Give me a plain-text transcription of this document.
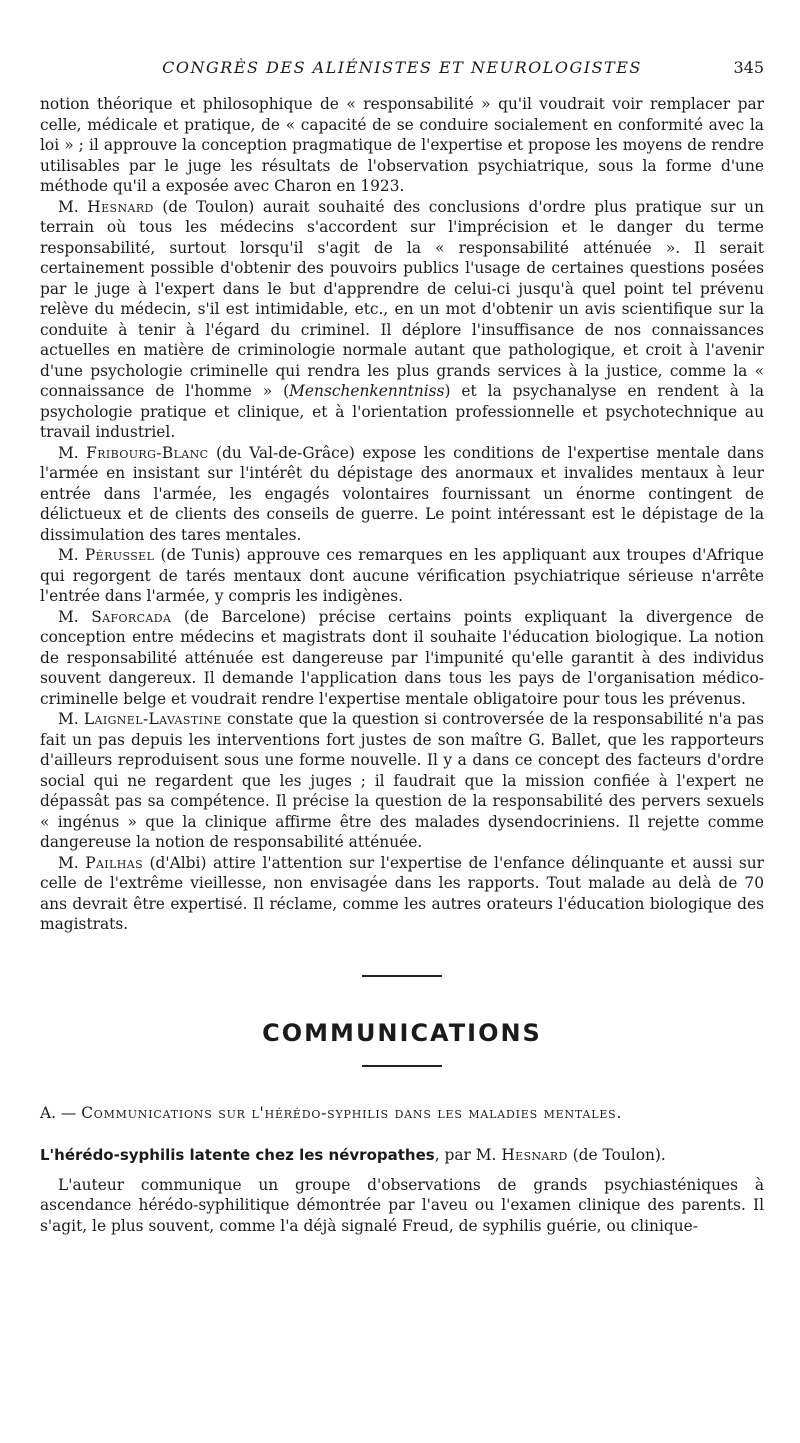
CONGRÈS DES ALIÉNISTES ET NEUROLOGISTES	345

notion théorique et philosophique de « responsabilité » qu'il voudrait voir remplacer par celle, médicale et pratique, de « capacité de se conduire socialement en conformité avec la loi » ; il approuve la conception pragmatique de l'expertise et propose les moyens de rendre utilisables par le juge les résultats de l'observation psychiatrique, sous la forme d'une méthode qu'il a exposée avec Charon en 1923.

M. Hesnard (de Toulon) aurait souhaité des conclusions d'ordre plus pratique sur un terrain où tous les médecins s'accordent sur l'imprécision et le danger du terme responsabilité, surtout lorsqu'il s'agit de la « responsabilité atténuée ». Il serait certainement possible d'obtenir des pouvoirs publics l'usage de certaines questions posées par le juge à l'expert dans le but d'apprendre de celui-ci jusqu'à quel point tel prévenu relève du médecin, s'il est intimidable, etc., en un mot d'obtenir un avis scientifique sur la conduite à tenir à l'égard du criminel. Il déplore l'insuffisance de nos connaissances actuelles en matière de criminologie normale autant que pathologique, et croit à l'avenir d'une psychologie criminelle qui rendra les plus grands services à la justice, comme la « connaissance de l'homme » (Menschenkenntniss) et la psychanalyse en rendent à la psychologie pratique et clinique, et à l'orientation professionnelle et psychotechnique au travail industriel.

M. Fribourg-Blanc (du Val-de-Grâce) expose les conditions de l'expertise mentale dans l'armée en insistant sur l'intérêt du dépistage des anormaux et invalides mentaux à leur entrée dans l'armée, les engagés volontaires fournissant un énorme contingent de délictueux et de clients des conseils de guerre. Le point intéressant est le dépistage de la dissimulation des tares mentales.

M. Pérussel (de Tunis) approuve ces remarques en les appliquant aux troupes d'Afrique qui regorgent de tarés mentaux dont aucune vérification psychiatrique sérieuse n'arrête l'entrée dans l'armée, y compris les indigènes.

M. Saforcada (de Barcelone) précise certains points expliquant la divergence de conception entre médecins et magistrats dont il souhaite l'éducation biologique. La notion de responsabilité atténuée est dangereuse par l'impunité qu'elle garantit à des individus souvent dangereux. Il demande l'application dans tous les pays de l'organisation médico-criminelle belge et voudrait rendre l'expertise mentale obligatoire pour tous les prévenus.

M. Laignel-Lavastine constate que la question si controversée de la responsabilité n'a pas fait un pas depuis les interventions fort justes de son maître G. Ballet, que les rapporteurs d'ailleurs reproduisent sous une forme nouvelle. Il y a dans ce concept des facteurs d'ordre social qui ne regardent que les juges ; il faudrait que la mission confiée à l'expert ne dépassât pas sa compétence. Il précise la question de la responsabilité des pervers sexuels « ingénus » que la clinique affirme être des malades dysendocriniens. Il rejette comme dangereuse la notion de responsabilité atténuée.

M. Pailhas (d'Albi) attire l'attention sur l'expertise de l'enfance délinquante et aussi sur celle de l'extrême vieillesse, non envisagée dans les rapports. Tout malade au delà de 70 ans devrait être expertisé. Il réclame, comme les autres orateurs l'éducation biologique des magistrats.

COMMUNICATIONS
A. — Communications sur l'hérédo-syphilis dans les maladies mentales.
L'hérédo-syphilis latente chez les névropathes, par M. Hesnard (de Toulon).

L'auteur communique un groupe d'observations de grands psychiasténiques à ascendance hérédo-syphilitique démontrée par l'aveu ou l'examen clinique des parents. Il s'agit, le plus souvent, comme l'a déjà signalé Freud, de syphilis guérie, ou clinique-
